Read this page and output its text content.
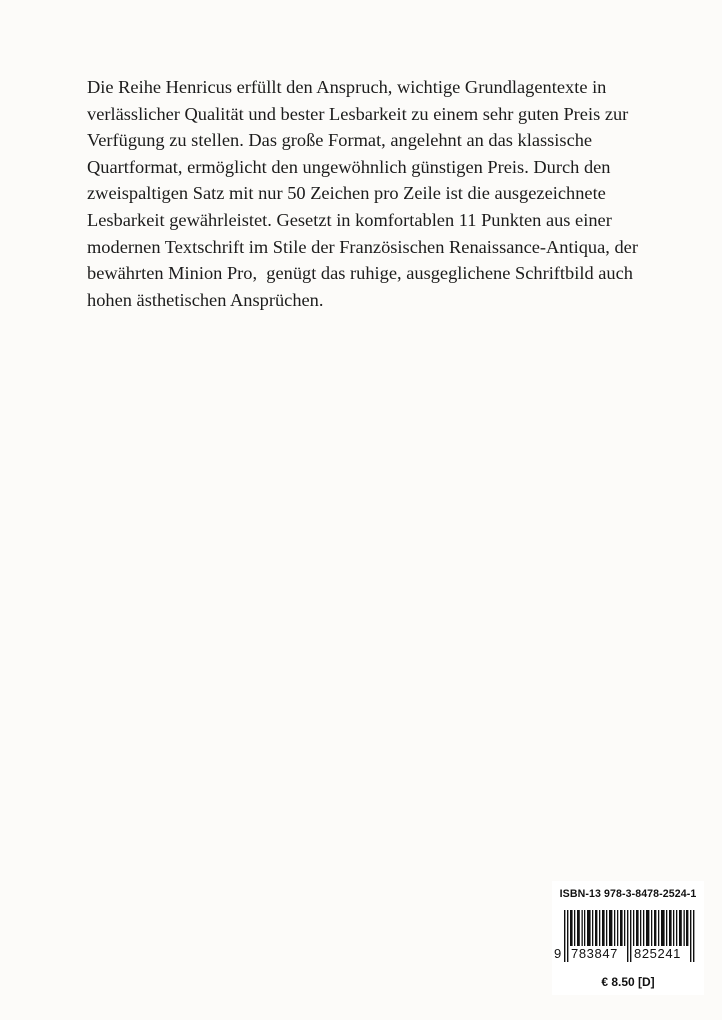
Die Reihe Henricus erfüllt den Anspruch, wichtige Grundlagentexte in
verlässlicher Qualität und bester Lesbarkeit zu einem sehr guten Preis zur
Verfügung zu stellen. Das große Format, angelehnt an das klassische
Quartformat, ermöglicht den ungewöhnlich günstigen Preis. Durch den
zweispaltigen Satz mit nur 50 Zeichen pro Zeile ist die ausgezeichnete
Lesbarkeit gewährleistet. Gesetzt in komfortablen 11 Punkten aus einer
modernen Textschrift im Stile der Französischen Renaissance-Antiqua, der
bewährten Minion Pro,  genügt das ruhige, ausgeglichene Schriftbild auch
hohen ästhetischen Ansprüchen.
ISBN-13 978-3-8478-2524-1
9 783847 825241
€ 8.50 [D]
